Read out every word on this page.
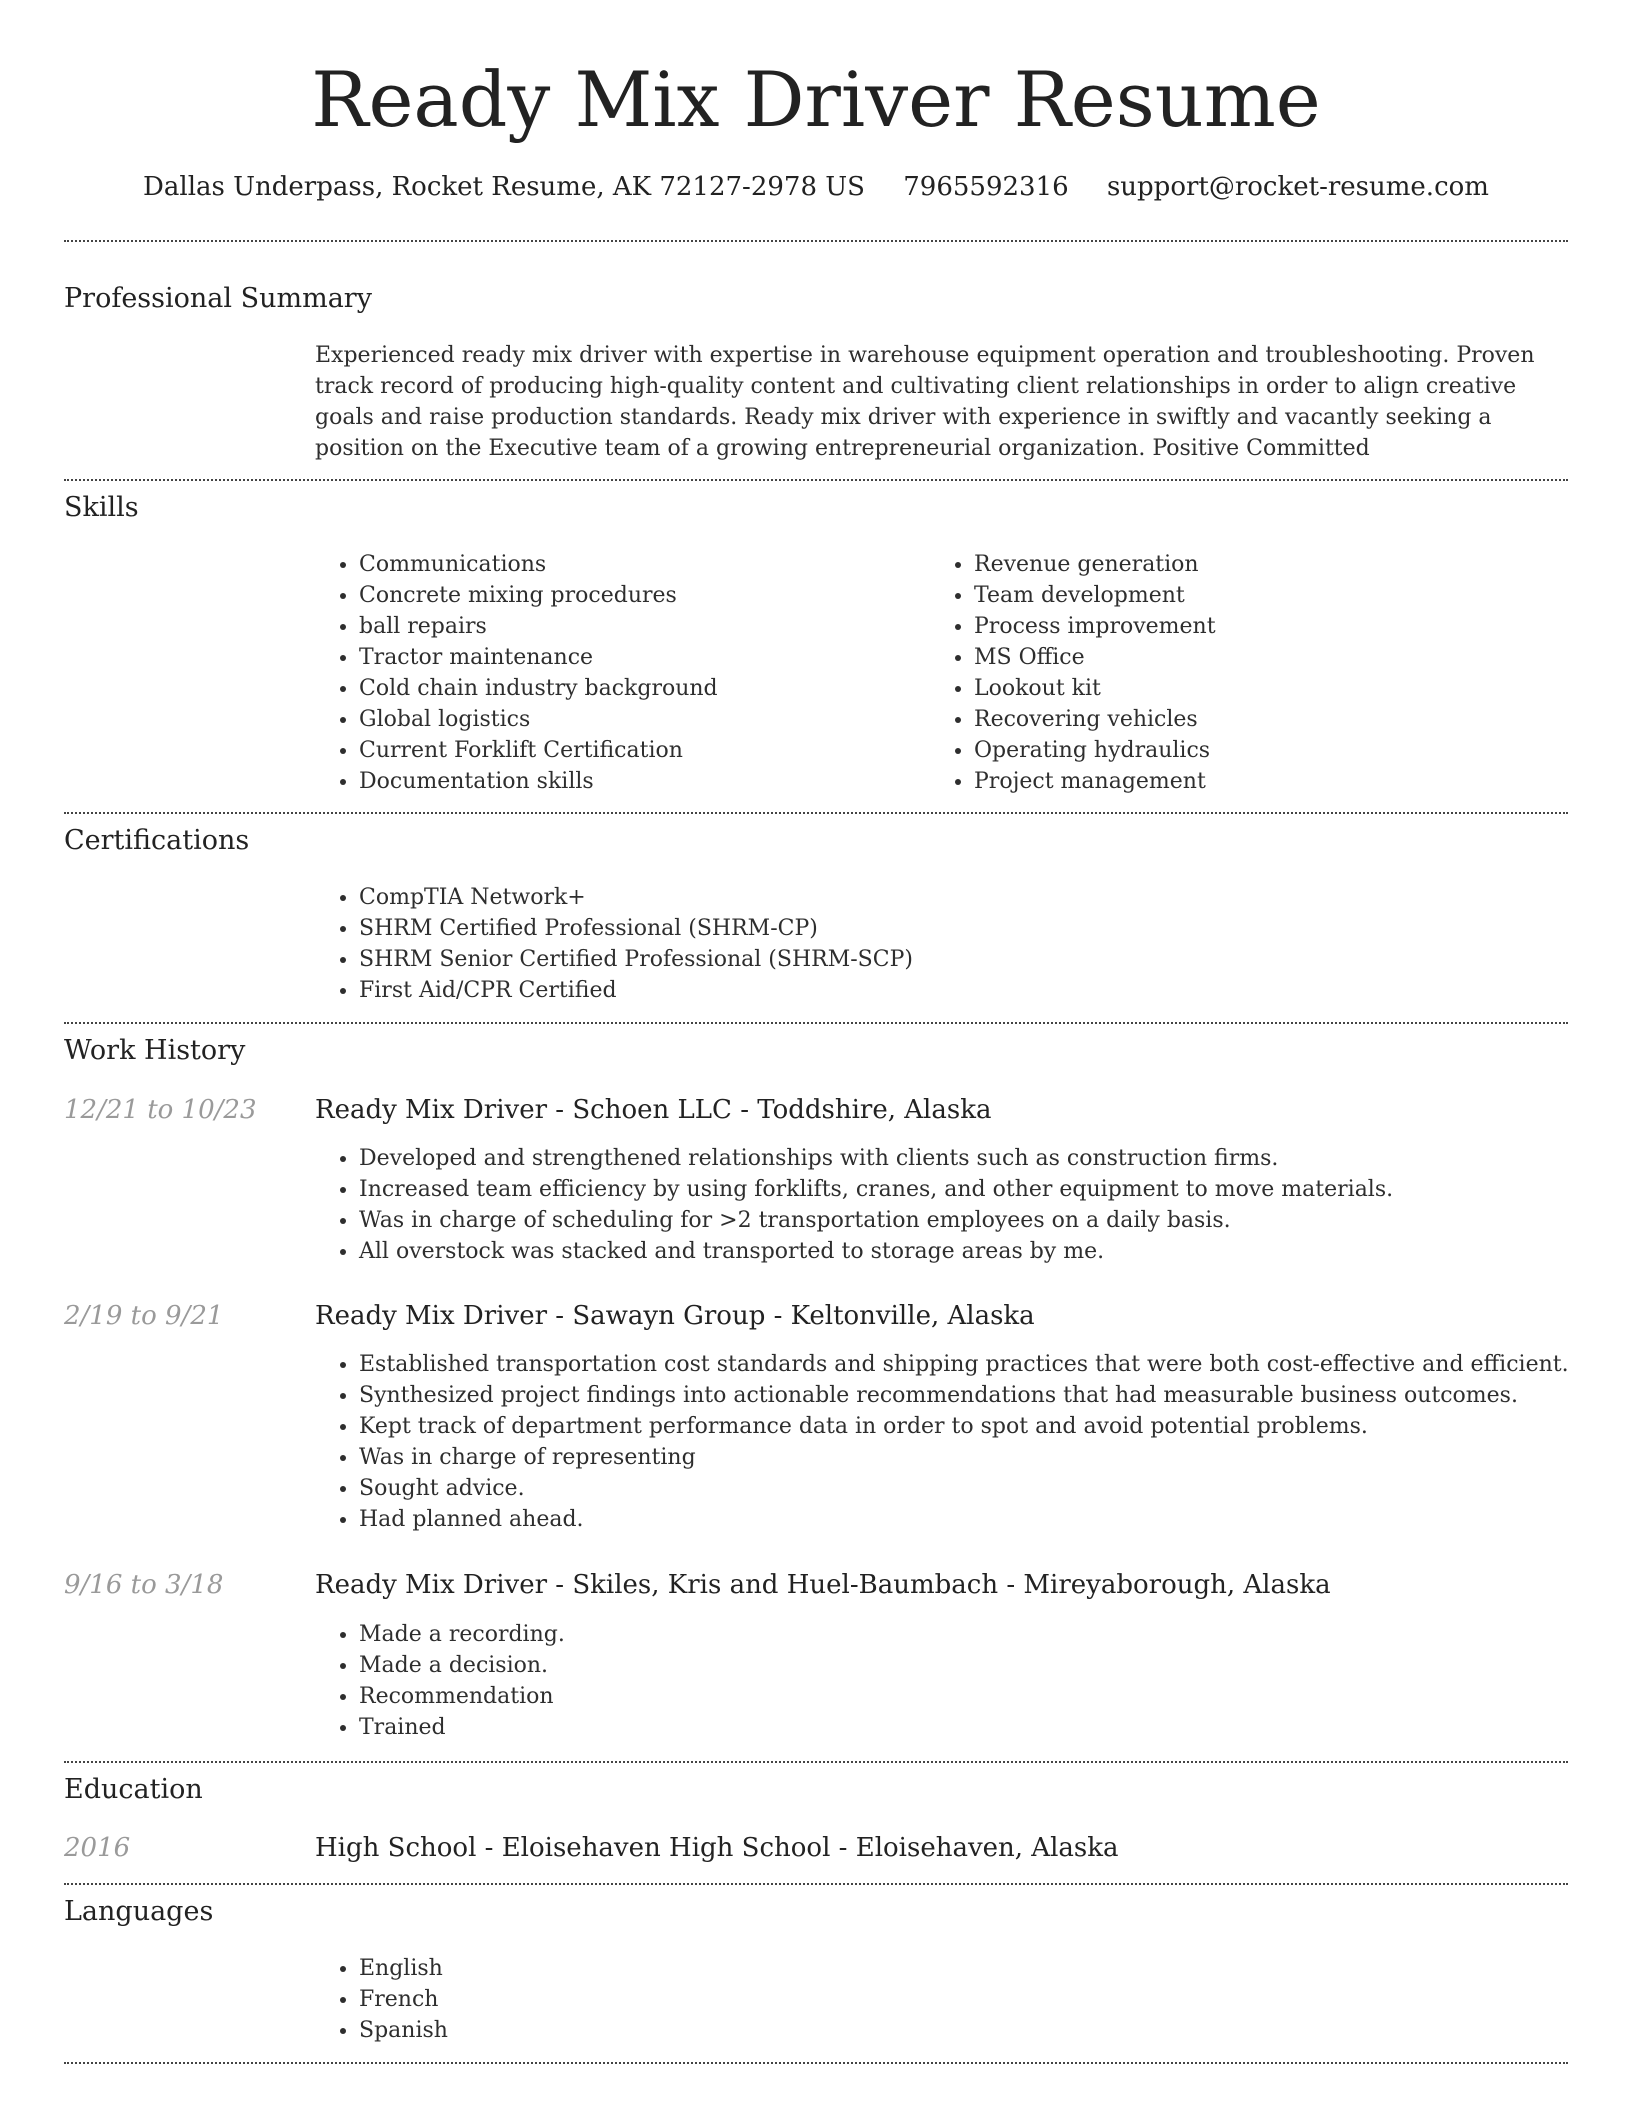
Ready Mix Driver Resume
Dallas Underpass, Rocket Resume, AK 72127-2978 US 7965592316 support@rocket-resume.com
Professional Summary

Experienced ready mix driver with expertise in warehouse equipment operation and troubleshooting. Proven track record of producing high-quality content and cultivating client relationships in order to align creative goals and raise production standards. Ready mix driver with experience in swiftly and vacantly seeking a position on the Executive team of a growing entrepreneurial organization. Positive Committed

Skills
• Communications
• Concrete mixing procedures
• ball repairs
• Tractor maintenance
• Cold chain industry background
• Global logistics
• Current Forklift Certification
• Documentation skills
• Revenue generation
• Team development
• Process improvement
• MS Office
• Lookout kit
• Recovering vehicles
• Operating hydraulics
• Project management
Certifications
• CompTIA Network+
• SHRM Certified Professional (SHRM-CP)
• SHRM Senior Certified Professional (SHRM-SCP)
• First Aid/CPR Certified
Work History
12/21 to 10/23 Ready Mix Driver - Schoen LLC - Toddshire, Alaska
• Developed and strengthened relationships with clients such as construction firms.
• Increased team efficiency by using forklifts, cranes, and other equipment to move materials.
• Was in charge of scheduling for >2 transportation employees on a daily basis.
• All overstock was stacked and transported to storage areas by me.
2/19 to 9/21	Ready Mix Driver - Sawayn Group - Keltonville, Alaska
• Established transportation cost standards and shipping practices that were both cost-effective and efficient.
• Synthesized project findings into actionable recommendations that had measurable business outcomes.
• Kept track of department performance data in order to spot and avoid potential problems.
• Was in charge of representing
• Sought advice.
• Had planned ahead.
9/16 to 3/18	Ready Mix Driver - Skiles, Kris and Huel-Baumbach - Mireyaborough, Alaska
• Made a recording.
• Made a decision.
• Recommendation
• Trained
Education
2016	High School - Eloisehaven High School - Eloisehaven, Alaska
Languages
• English
• French
• Spanish
